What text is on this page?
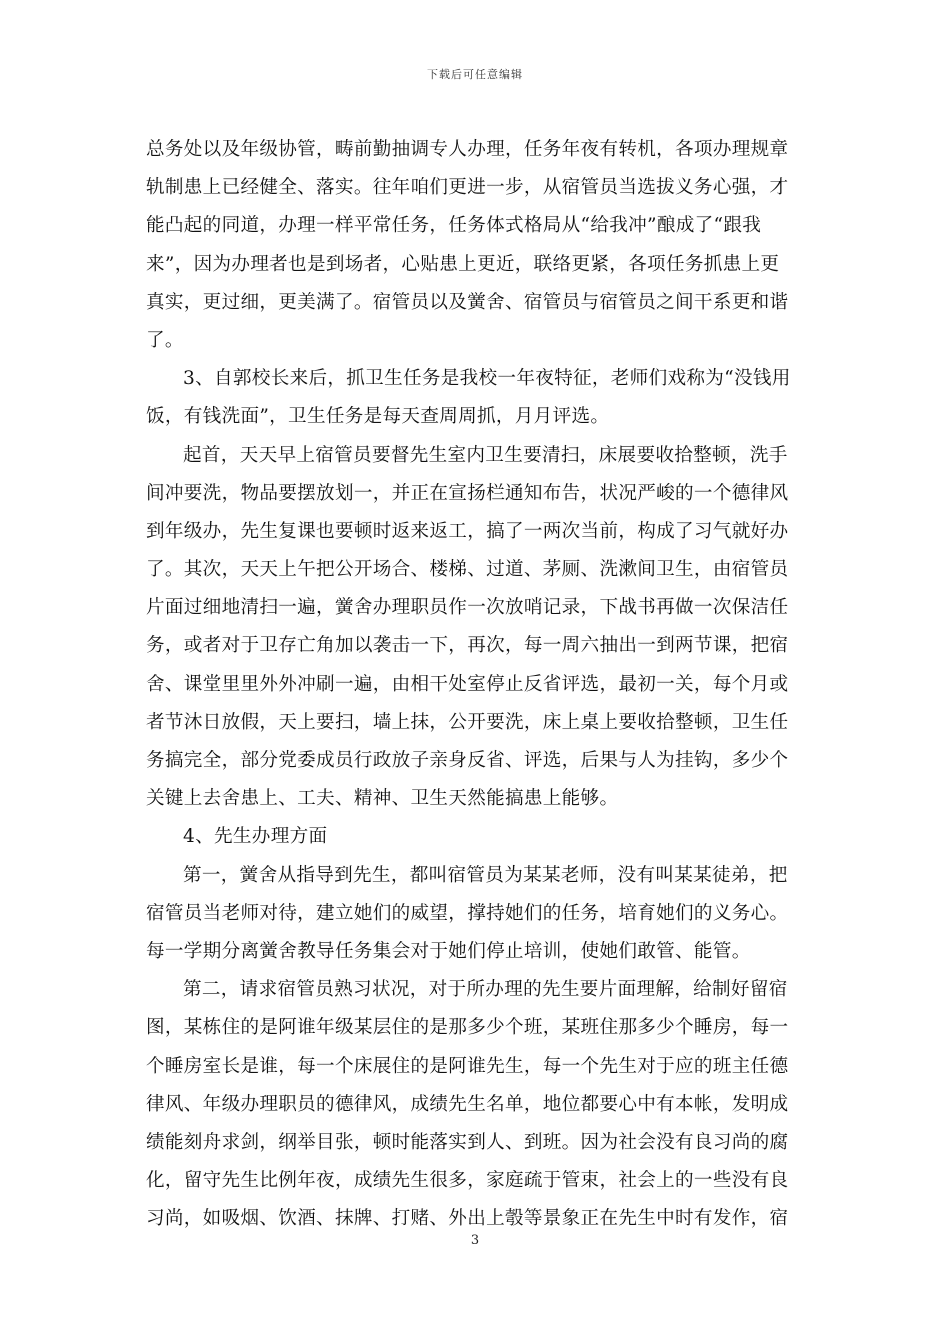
下载后可任意编辑
总务处以及年级协管，畴前勤抽调专人办理，任务年夜有转机，各项办理规章
轨制患上已经健全、落实。往年咱们更进一步，从宿管员当选拔义务心强，才
能凸起的同道，办理一样平常任务，任务体式格局从“给我冲”酿成了“跟我
来”，因为办理者也是到场者，心贴患上更近，联络更紧，各项任务抓患上更
真实，更过细，更美满了。宿管员以及黉舍、宿管员与宿管员之间干系更和谐
了。
3、自郭校长来后，抓卫生任务是我校一年夜特征，老师们戏称为“没钱用
饭，有钱洗面”，卫生任务是每天查周周抓，月月评选。
起首，天天早上宿管员要督先生室内卫生要清扫，床展要收拾整顿，洗手
间冲要洗，物品要摆放划一，并正在宣扬栏通知布告，状况严峻的一个德律风
到年级办，先生复课也要顿时返来返工，搞了一两次当前，构成了习气就好办
了。其次，天天上午把公开场合、楼梯、过道、茅厕、洗漱间卫生，由宿管员
片面过细地清扫一遍，黉舍办理职员作一次放哨记录，下战书再做一次保洁任
务，或者对于卫存亡角加以袭击一下，再次，每一周六抽出一到两节课，把宿
舍、课堂里里外外冲刷一遍，由相干处室停止反省评选，最初一关，每个月或
者节沐日放假，天上要扫，墙上抹，公开要洗，床上桌上要收拾整顿，卫生任
务搞完全，部分党委成员行政放子亲身反省、评选，后果与人为挂钩，多少个
关键上去舍患上、工夫、精神、卫生天然能搞患上能够。
4、先生办理方面
第一，黉舍从指导到先生，都叫宿管员为某某老师，没有叫某某徒弟，把
宿管员当老师对待，建立她们的威望，撑持她们的任务，培育她们的义务心。
每一学期分离黉舍教导任务集会对于她们停止培训，使她们敢管、能管。
第二，请求宿管员熟习状况，对于所办理的先生要片面理解，给制好留宿
图，某栋住的是阿谁年级某层住的是那多少个班，某班住那多少个睡房，每一
个睡房室长是谁，每一个床展住的是阿谁先生，每一个先生对于应的班主任德
律风、年级办理职员的德律风，成绩先生名单，地位都要心中有本帐，发明成
绩能刻舟求剑，纲举目张，顿时能落实到人、到班。因为社会没有良习尚的腐
化，留守先生比例年夜，成绩先生很多，家庭疏于管束，社会上的一些没有良
习尚，如吸烟、饮酒、抹牌、打赌、外出上彀等景象正在先生中时有发作，宿
3
